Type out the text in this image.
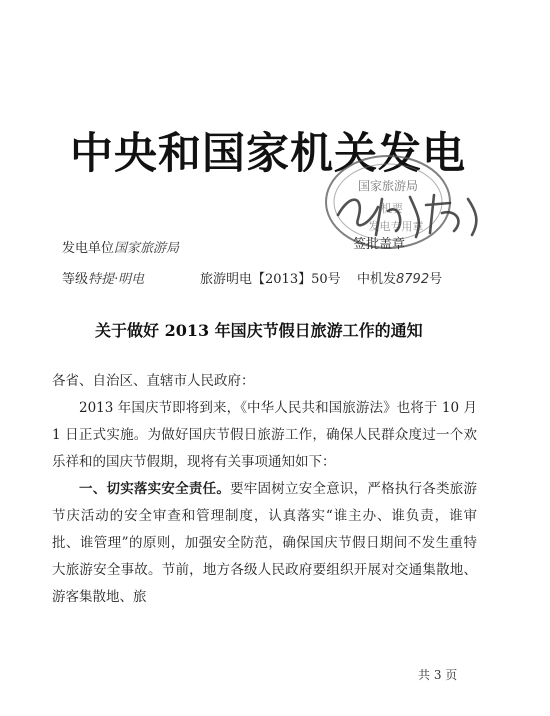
中央和国家机关发电
国家旅游局
机要
发电专用章
发电单位国家旅游局	签批盖章
等级特提·明电	旅游明电【2013】50号 中机发8792号
关于做好 2013 年国庆节假日旅游工作的通知

各省、自治区、直辖市人民政府：

2013 年国庆节即将到来，《中华人民共和国旅游法》也将于 10 月 1 日正式实施。为做好国庆节假日旅游工作，确保人民群众度过一个欢乐祥和的国庆节假期，现将有关事项通知如下：

一、切实落实安全责任。要牢固树立安全意识，严格执行各类旅游节庆活动的安全审查和管理制度，认真落实“谁主办、谁负责，谁审批、谁管理”的原则，加强安全防范，确保国庆节假日期间不发生重特大旅游安全事故。节前，地方各级人民政府要组织开展对交通集散地、游客集散地、旅

共 3 页
